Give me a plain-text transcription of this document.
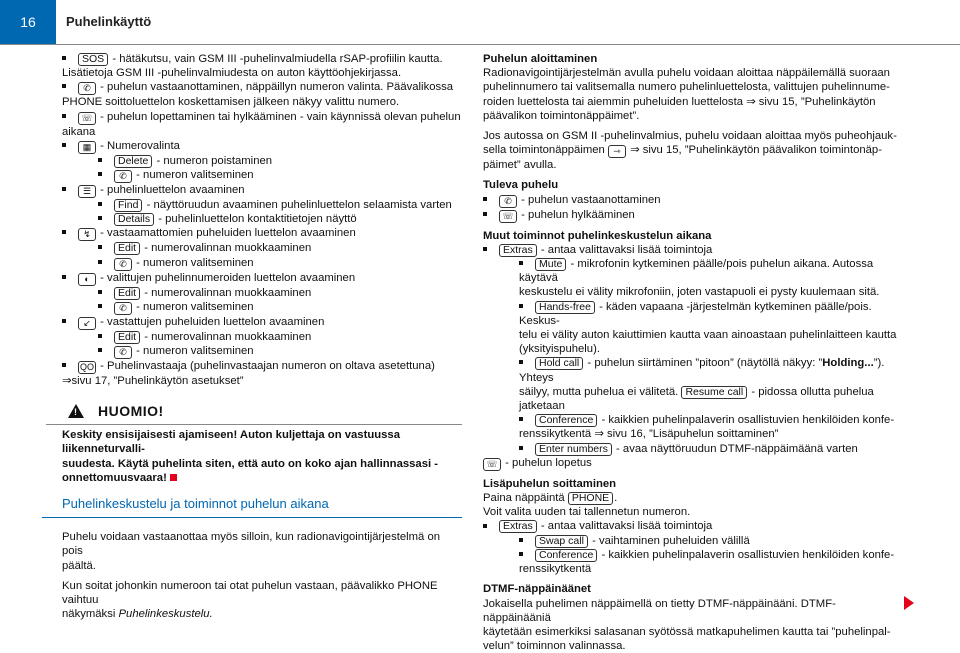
16	Puhelinkäyttö
SOS - hätäkutsu, vain GSM III -puhelinvalmiudella rSAP-profiilin kautta.
Lisätietoja GSM III -puhelinvalmiudesta on auton käyttöohjekirjassa.
✆ - puhelun vastaanottaminen, näppäillyn numeron valinta. Päävalikossa
PHONE soittoluettelon koskettamisen jälkeen näkyy valittu numero.
☏ - puhelun lopettaminen tai hylkääminen - vain käynnissä olevan puhelun
aikana
▦ - Numerovalinta
Delete - numeron poistaminen
✆ - numeron valitseminen
☰ - puhelinluettelon avaaminen
Find - näyttöruudun avaaminen puhelinluettelon selaamista varten
Details - puhelinluettelon kontaktitietojen näyttö
↯ - vastaamattomien puheluiden luettelon avaaminen
Edit - numerovalinnan muokkaaminen
✆ - numeron valitseminen
◐ - valittujen puhelinnumeroiden luettelon avaaminen
Edit - numerovalinnan muokkaaminen
✆ - numeron valitseminen
↙ - vastattujen puheluiden luettelon avaaminen
Edit - numerovalinnan muokkaaminen
✆ - numeron valitseminen
QO - Puhelinvastaaja (puhelinvastaajan numeron on oltava asetettuna)
⇒sivu 17, ”Puhelinkäytön asetukset”
! HUOMIO!
Keskity ensisijaisesti ajamiseen! Auton kuljettaja on vastuussa liikenneturvalli-
suudesta. Käytä puhelinta siten, että auto on koko ajan hallinnassasi -
onnettomuusvaara!
Puhelinkeskustelu ja toiminnot puhelun aikana
Puhelu voidaan vastaanottaa myös silloin, kun radionavigointijärjestelmä on pois
päältä.
Kun soitat johonkin numeroon tai otat puhelun vastaan, päävalikko PHONE vaihtuu
näkymäksi Puhelinkeskustelu.
Puhelun aloittaminen
Radionavigointijärjestelmän avulla puhelu voidaan aloittaa näppäilemällä suoraan
puhelinnumero tai valitsemalla numero puhelinluettelosta, valittujen puhelinnume-
roiden luettelosta tai aiemmin puheluiden luettelosta ⇒ sivu 15, ”Puhelinkäytön
päävalikon toimintonäppäimet”.
Jos autossa on GSM II -puhelinvalmius, puhelu voidaan aloittaa myös puheohjauk-
sella toimintonäppäimen ⇾ ⇒ sivu 15, ”Puhelinkäytön päävalikon toimintonäp-
päimet” avulla.
Tuleva puhelu
✆ - puhelun vastaanottaminen
☏ - puhelun hylkääminen
Muut toiminnot puhelinkeskustelun aikana
Extras - antaa valittavaksi lisää toimintoja
Mute - mikrofonin kytkeminen päälle/pois puhelun aikana. Autossa käytävä
keskustelu ei välity mikrofoniin, joten vastapuoli ei pysty kuulemaan sitä.
Hands-free - käden vapaana -järjestelmän kytkeminen päälle/pois. Keskus-
telu ei välity auton kaiuttimien kautta vaan ainoastaan puhelinlaitteen kautta
(yksityispuhelu).
Hold call - puhelun siirtäminen ”pitoon” (näytöllä näkyy: ”Holding...”). Yhteys
säilyy, mutta puhelua ei välitetä. Resume call - pidossa ollutta puhelua jatketaan
Conference - kaikkien puhelinpalaverin osallistuvien henkilöiden konfe-
renssikytkentä ⇒ sivu 16, ”Lisäpuhelun soittaminen”
Enter numbers - avaa näyttöruudun DTMF-näppäimäänä varten
☏ - puhelun lopetus
Lisäpuhelun soittaminen
Paina näppäintä PHONE .
Voit valita uuden tai tallennetun numeron.
Extras - antaa valittavaksi lisää toimintoja
Swap call - vaihtaminen puheluiden välillä
Conference - kaikkien puhelinpalaverin osallistuvien henkilöiden konfe-
renssikytkentä
DTMF-näppäinäänet
Jokaisella puhelimen näppäimellä on tietty DTMF-näppäinääni. DTMF-näppäinääniä
käytetään esimerkiksi salasanan syötössä matkapuhelimen kautta tai ”puhelinpal-
velun” toiminnon valinnassa.
